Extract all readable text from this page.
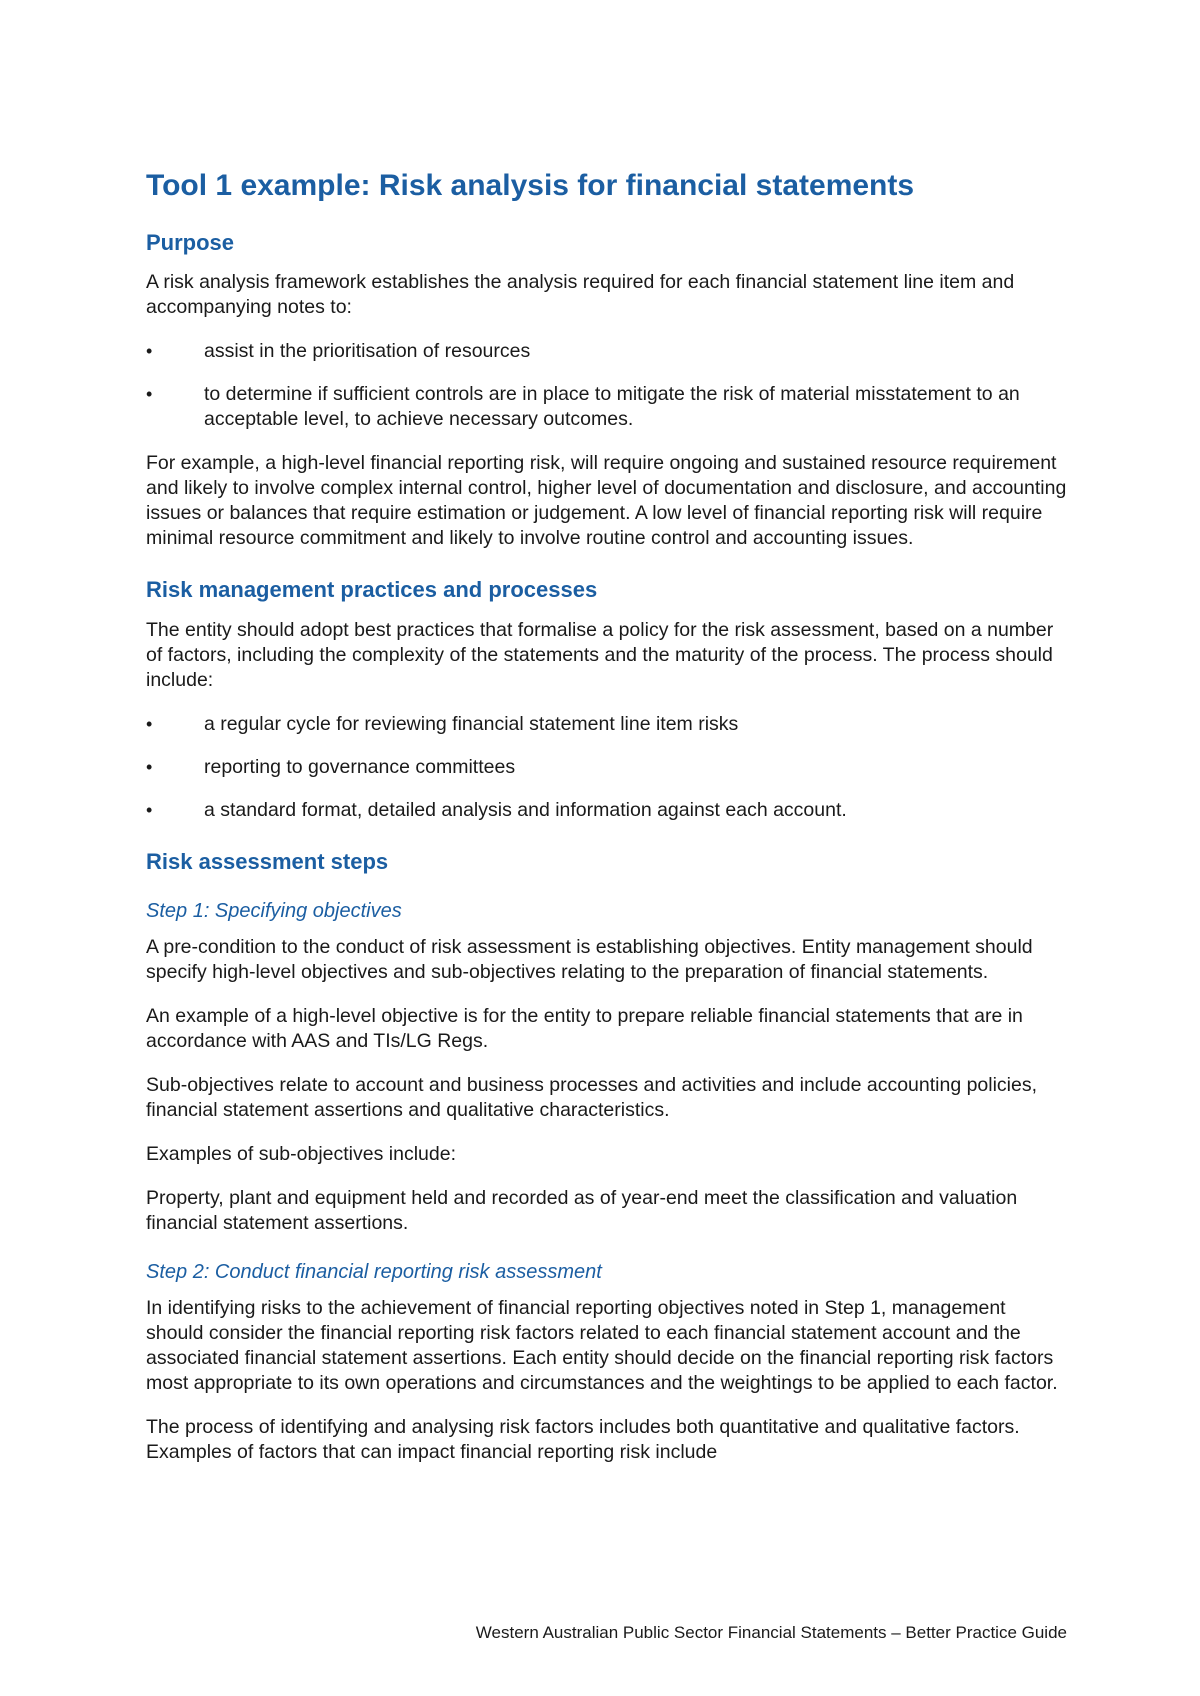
Tool 1 example: Risk analysis for financial statements
Purpose

A risk analysis framework establishes the analysis required for each financial statement line item and accompanying notes to:

•	assist in the prioritisation of resources
•	to determine if sufficient controls are in place to mitigate the risk of material misstatement to an acceptable level, to achieve necessary outcomes.

For example, a high-level financial reporting risk, will require ongoing and sustained resource requirement and likely to involve complex internal control, higher level of documentation and disclosure, and accounting issues or balances that require estimation or judgement. A low level of financial reporting risk will require minimal resource commitment and likely to involve routine control and accounting issues.

Risk management practices and processes

The entity should adopt best practices that formalise a policy for the risk assessment, based on a number of factors, including the complexity of the statements and the maturity of the process. The process should include:

•	a regular cycle for reviewing financial statement line item risks
•	reporting to governance committees
•	a standard format, detailed analysis and information against each account.
Risk assessment steps
Step 1: Specifying objectives

A pre-condition to the conduct of risk assessment is establishing objectives. Entity management should specify high-level objectives and sub-objectives relating to the preparation of financial statements.

An example of a high-level objective is for the entity to prepare reliable financial statements that are in accordance with AAS and TIs/LG Regs.

Sub-objectives relate to account and business processes and activities and include accounting policies, financial statement assertions and qualitative characteristics.

Examples of sub-objectives include:

Property, plant and equipment held and recorded as of year-end meet the classification and valuation financial statement assertions.

Step 2: Conduct financial reporting risk assessment

In identifying risks to the achievement of financial reporting objectives noted in Step 1, management should consider the financial reporting risk factors related to each financial statement account and the associated financial statement assertions. Each entity should decide on the financial reporting risk factors most appropriate to its own operations and circumstances and the weightings to be applied to each factor.

The process of identifying and analysing risk factors includes both quantitative and qualitative factors. Examples of factors that can impact financial reporting risk include

Western Australian Public Sector Financial Statements – Better Practice Guide
